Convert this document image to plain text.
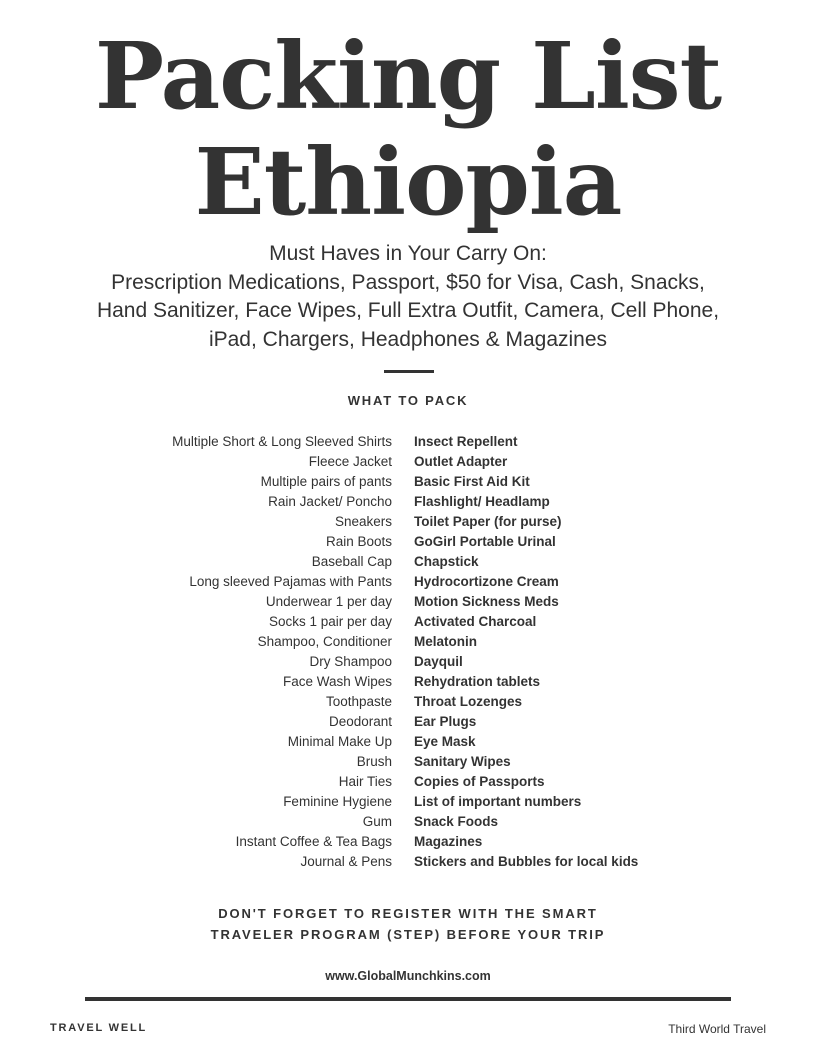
Packing List
Ethiopia
Must Haves in Your Carry On:
Prescription Medications, Passport, $50 for Visa, Cash, Snacks,
Hand Sanitizer, Face Wipes, Full Extra Outfit, Camera, Cell Phone,
iPad, Chargers, Headphones & Magazines
WHAT TO PACK
Multiple Short & Long Sleeved Shirts
Fleece Jacket
Multiple pairs of pants
Rain Jacket/ Poncho
Sneakers
Rain Boots
Baseball Cap
Long sleeved Pajamas with Pants
Underwear 1 per day
Socks 1 pair per day
Shampoo, Conditioner
Dry Shampoo
Face Wash Wipes
Toothpaste
Deodorant
Minimal Make Up
Brush
Hair Ties
Feminine Hygiene
Gum
Instant Coffee & Tea Bags
Journal & Pens
Insect Repellent
Outlet Adapter
Basic First Aid Kit
Flashlight/ Headlamp
Toilet Paper (for purse)
GoGirl Portable Urinal
Chapstick
Hydrocortizone Cream
Motion Sickness Meds
Activated Charcoal
Melatonin
Dayquil
Rehydration tablets
Throat Lozenges
Ear Plugs
Eye Mask
Sanitary Wipes
Copies of Passports
List of important numbers
Snack Foods
Magazines
Stickers and Bubbles for local kids
DON'T FORGET TO REGISTER WITH THE SMART
TRAVELER PROGRAM (STEP) BEFORE YOUR TRIP
www.GlobalMunchkins.com
TRAVEL WELL	Third World Travel
